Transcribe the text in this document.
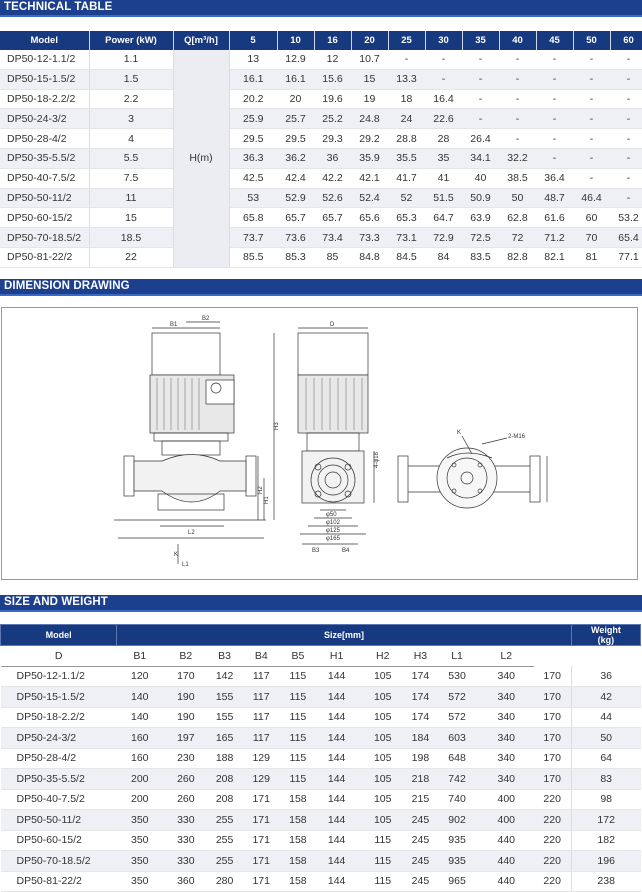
TECHNICAL TABLE
Model	Power (kW)	Q[m³/h]	5	10	16	20	25	30	35	40	45	50	60
DP50-12-1.1/2	1.1	H(m)	13	12.9	12	10.7	-	-	-	-	-	-	-
DP50-15-1.5/2	1.5		16.1	16.1	15.6	15	13.3	-	-	-	-	-	-
DP50-18-2.2/2	2.2		20.2	20	19.6	19	18	16.4	-	-	-	-	-
DP50-24-3/2	3		25.9	25.7	25.2	24.8	24	22.6	-	-	-	-	-
DP50-28-4/2	4		29.5	29.5	29.3	29.2	28.8	28	26.4	-	-	-	-
DP50-35-5.5/2	5.5		36.3	36.2	36	35.9	35.5	35	34.1	32.2	-	-	-
DP50-40-7.5/2	7.5		42.5	42.4	42.2	42.1	41.7	41	40	38.5	36.4	-	-
DP50-50-11/2	11		53	52.9	52.6	52.4	52	51.5	50.9	50	48.7	46.4	-
DP50-60-15/2	15		65.8	65.7	65.7	65.6	65.3	64.7	63.9	62.8	61.6	60	53.2
DP50-70-18.5/2	18.5		73.7	73.6	73.4	73.3	73.1	72.9	72.5	72	71.2	70	65.4
DP50-81-22/2	22		85.5	85.3	85	84.8	84.5	84	83.5	82.8	82.1	81	77.1
DIMENSION DRAWING
B1
B2
H3
H2
H1
L2
K
L1
D
φ50
φ102
φ125
φ165
B3	B4
4-φ18
K
2-M16
SIZE AND WEIGHT
Model	Size[mm]											Weight
(kg)

D	B1	B2	B3	B4	B5	H1	H2	H3	L1	L2		
DP50-12-1.1/2	120	170	142	117	115	144	105	174	530	340	170	36
DP50-15-1.5/2	140	190	155	117	115	144	105	174	572	340	170	42
DP50-18-2.2/2	140	190	155	117	115	144	105	174	572	340	170	44
DP50-24-3/2	160	197	165	117	115	144	105	184	603	340	170	50
DP50-28-4/2	160	230	188	129	115	144	105	198	648	340	170	64
DP50-35-5.5/2	200	260	208	129	115	144	105	218	742	340	170	83
DP50-40-7.5/2	200	260	208	171	158	144	105	215	740	400	220	98
DP50-50-11/2	350	330	255	171	158	144	105	245	902	400	220	172
DP50-60-15/2	350	330	255	171	158	144	115	245	935	440	220	182
DP50-70-18.5/2	350	330	255	171	158	144	115	245	935	440	220	196
DP50-81-22/2	350	360	280	171	158	144	115	245	965	440	220	238
